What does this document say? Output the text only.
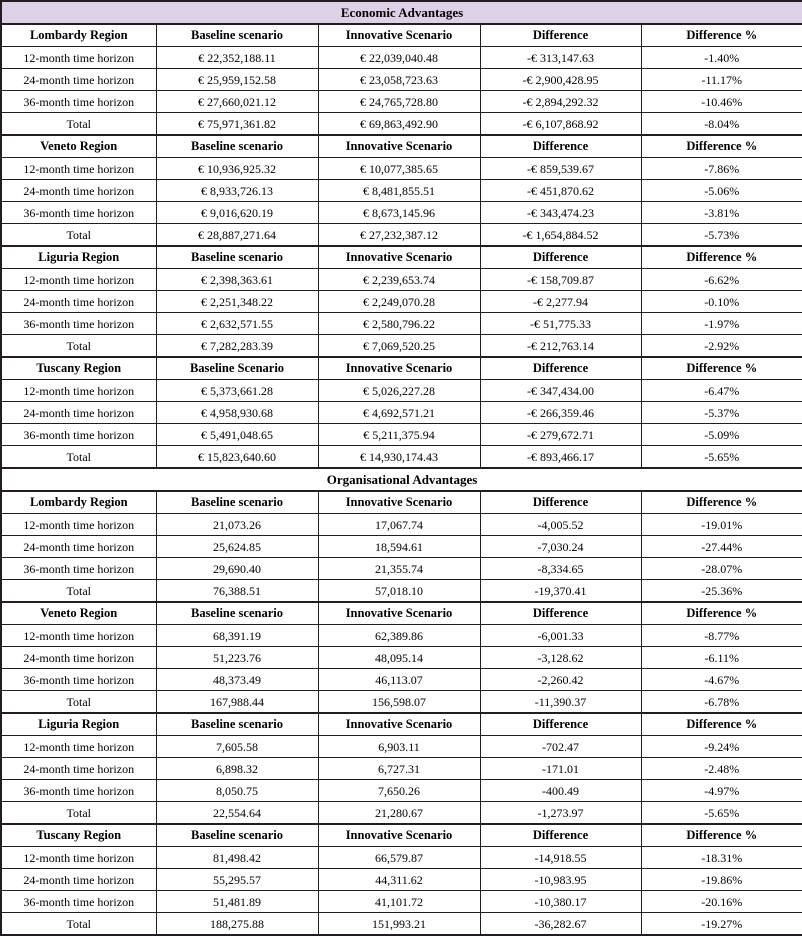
Economic Advantages				
Lombardy Region	Baseline scenario	Innovative Scenario	Difference	Difference %
12-month time horizon	€ 22,352,188.11	€ 22,039,040.48	-€ 313,147.63	-1.40%
24-month time horizon	€ 25,959,152.58	€ 23,058,723.63	-€ 2,900,428.95	-11.17%
36-month time horizon	€ 27,660,021.12	€ 24,765,728.80	-€ 2,894,292.32	-10.46%
Total	€ 75,971,361.82	€ 69,863,492.90	-€ 6,107,868.92	-8.04%
Veneto Region	Baseline scenario	Innovative Scenario	Difference	Difference %
12-month time horizon	€ 10,936,925.32	€ 10,077,385.65	-€ 859,539.67	-7.86%
24-month time horizon	€ 8,933,726.13	€ 8,481,855.51	-€ 451,870.62	-5.06%
36-month time horizon	€ 9,016,620.19	€ 8,673,145.96	-€ 343,474.23	-3.81%
Total	€ 28,887,271.64	€ 27,232,387.12	-€ 1,654,884.52	-5.73%
Liguria Region	Baseline scenario	Innovative Scenario	Difference	Difference %
12-month time horizon	€ 2,398,363.61	€ 2,239,653.74	-€ 158,709.87	-6.62%
24-month time horizon	€ 2,251,348.22	€ 2,249,070.28	-€ 2,277.94	-0.10%
36-month time horizon	€ 2,632,571.55	€ 2,580,796.22	-€ 51,775.33	-1.97%
Total	€ 7,282,283.39	€ 7,069,520.25	-€ 212,763.14	-2.92%
Tuscany Region	Baseline Scenario	Innovative Scenario	Difference	Difference %
12-month time horizon	€ 5,373,661.28	€ 5,026,227.28	-€ 347,434.00	-6.47%
24-month time horizon	€ 4,958,930.68	€ 4,692,571.21	-€ 266,359.46	-5.37%
36-month time horizon	€ 5,491,048.65	€ 5,211,375.94	-€ 279,672.71	-5.09%
Total	€ 15,823,640.60	€ 14,930,174.43	-€ 893,466.17	-5.65%
Organisational Advantages				
Lombardy Region	Baseline scenario	Innovative Scenario	Difference	Difference %
12-month time horizon	21,073.26	17,067.74	-4,005.52	-19.01%
24-month time horizon	25,624.85	18,594.61	-7,030.24	-27.44%
36-month time horizon	29,690.40	21,355.74	-8,334.65	-28.07%
Total	76,388.51	57,018.10	-19,370.41	-25.36%
Veneto Region	Baseline scenario	Innovative Scenario	Difference	Difference %
12-month time horizon	68,391.19	62,389.86	-6,001.33	-8.77%
24-month time horizon	51,223.76	48,095.14	-3,128.62	-6.11%
36-month time horizon	48,373.49	46,113.07	-2,260.42	-4.67%
Total	167,988.44	156,598.07	-11,390.37	-6.78%
Liguria Region	Baseline scenario	Innovative Scenario	Difference	Difference %
12-month time horizon	7,605.58	6,903.11	-702.47	-9.24%
24-month time horizon	6,898.32	6,727.31	-171.01	-2.48%
36-month time horizon	8,050.75	7,650.26	-400.49	-4.97%
Total	22,554.64	21,280.67	-1,273.97	-5.65%
Tuscany Region	Baseline scenario	Innovative Scenario	Difference	Difference %
12-month time horizon	81,498.42	66,579.87	-14,918.55	-18.31%
24-month time horizon	55,295.57	44,311.62	-10,983.95	-19.86%
36-month time horizon	51,481.89	41,101.72	-10,380.17	-20.16%
Total	188,275.88	151,993.21	-36,282.67	-19.27%
